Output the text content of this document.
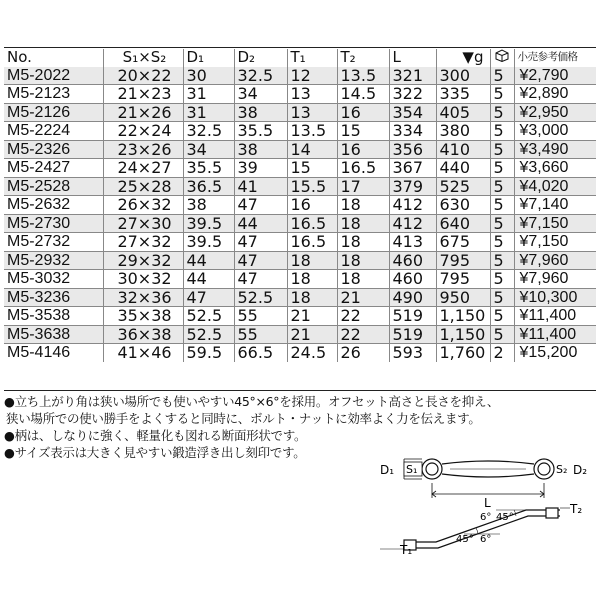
No.	S₁×S₂	D₁	D₂	T₁	T₂	L	▼g		小売参考価格
M5-2022	20×22	30	32.5	12	13.5	321	300	5	¥ 2,790
M5-2123	21×23	31	34	13	14.5	322	335	5	¥ 2,890
M5-2126	21×26	31	38	13	16	354	405	5	¥ 2,950
M5-2224	22×24	32.5	35.5	13.5	15	334	380	5	¥ 3,000
M5-2326	23×26	34	38	14	16	356	410	5	¥ 3,490
M5-2427	24×27	35.5	39	15	16.5	367	440	5	¥ 3,660
M5-2528	25×28	36.5	41	15.5	17	379	525	5	¥ 4,020
M5-2632	26×32	38	47	16	18	412	630	5	¥ 7,140
M5-2730	27×30	39.5	44	16.5	18	412	640	5	¥ 7,150
M5-2732	27×32	39.5	47	16.5	18	413	675	5	¥ 7,150
M5-2932	29×32	44	47	18	18	460	795	5	¥ 7,960
M5-3032	30×32	44	47	18	18	460	795	5	¥ 7,960
M5-3236	32×36	47	52.5	18	21	490	950	5	¥ 10,300
M5-3538	35×38	52.5	55	21	22	519	1,150	5	¥ 11,400
M5-3638	36×38	52.5	55	21	22	519	1,150	5	¥ 11,400
M5-4146	41×46	59.5	66.5	24.5	26	593	1,760	2	¥ 15,200
●立ち上がり角は狭い場所でも使いやすい45°×6°を採用。オフセット高さと長さを抑え、
狭い場所での使い勝手をよくすると同時に、ボルト・ナットに効率よく力を伝えます。
●柄は、しなりに強く、軽量化も図れる断面形状です。
●サイズ表示は大きく見やすい鍛造浮き出し刻印です。
D₁ S₁	S₂ D₂
L
6° 45°
45° 6°
T₂
T₁
